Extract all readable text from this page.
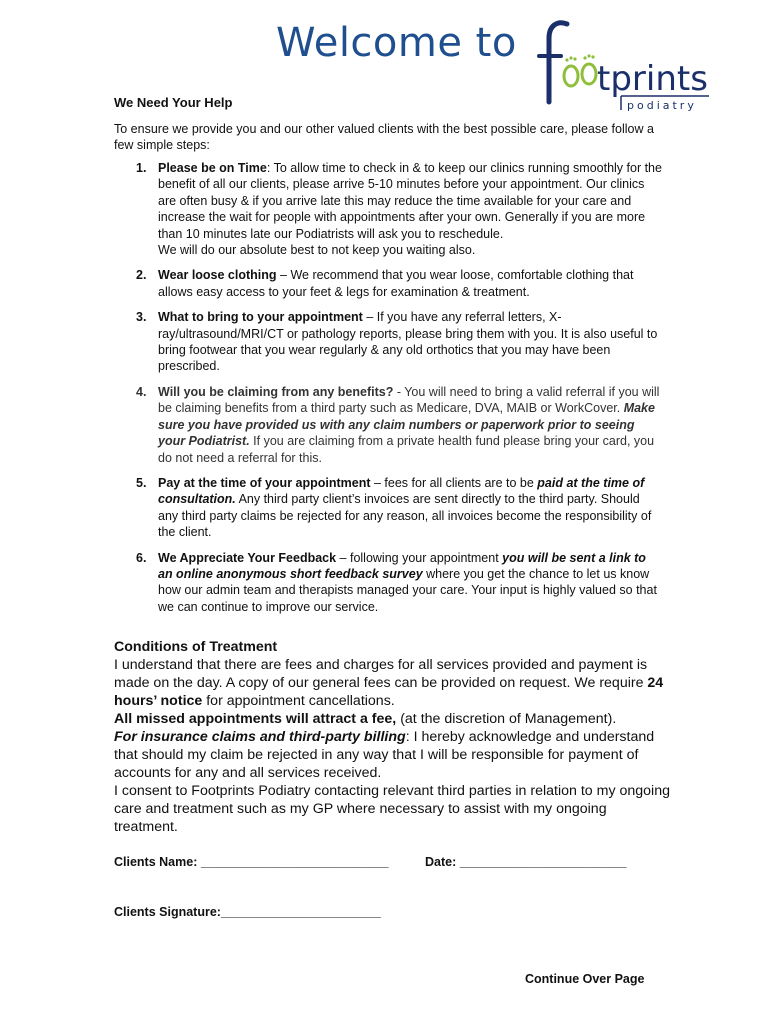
Welcome to
tprints
podiatry
We Need Your Help
To ensure we provide you and our other valued clients with the best possible care, please follow a few simple steps:
1. Please be on Time: To allow time to check in & to keep our clinics running smoothly for the benefit of all our clients, please arrive 5-10 minutes before your appointment. Our clinics are often busy & if you arrive late this may reduce the time available for your care and increase the wait for people with appointments after your own. Generally if you are more than 10 minutes late our Podiatrists will ask you to reschedule.
We will do our absolute best to not keep you waiting also.
2. Wear loose clothing – We recommend that you wear loose, comfortable clothing that allows easy access to your feet & legs for examination & treatment.
3. What to bring to your appointment – If you have any referral letters, X-ray/ultrasound/MRI/CT or pathology reports, please bring them with you. It is also useful to bring footwear that you wear regularly & any old orthotics that you may have been prescribed.
4. Will you be claiming from any benefits? - You will need to bring a valid referral if you will be claiming benefits from a third party such as Medicare, DVA, MAIB or WorkCover. Make sure you have provided us with any claim numbers or paperwork prior to seeing your Podiatrist. If you are claiming from a private health fund please bring your card, you do not need a referral for this.
5. Pay at the time of your appointment – fees for all clients are to be paid at the time of consultation. Any third party client’s invoices are sent directly to the third party. Should any third party claims be rejected for any reason, all invoices become the responsibility of the client.
6. We Appreciate Your Feedback – following your appointment you will be sent a link to an online anonymous short feedback survey where you get the chance to let us know how our admin team and therapists managed your care. Your input is highly valued so that we can continue to improve our service.
Conditions of Treatment
I understand that there are fees and charges for all services provided and payment is made on the day. A copy of our general fees can be provided on request. We require 24 hours’ notice for appointment cancellations.
All missed appointments will attract a fee, (at the discretion of Management).
For insurance claims and third-party billing: I hereby acknowledge and understand that should my claim be rejected in any way that I will be responsible for payment of accounts for any and all services received.
I consent to Footprints Podiatry contacting relevant third parties in relation to my ongoing care and treatment such as my GP where necessary to assist with my ongoing treatment.
Clients Name: ___________________________	Date: ________________________
Clients Signature:_______________________
Continue Over Page
